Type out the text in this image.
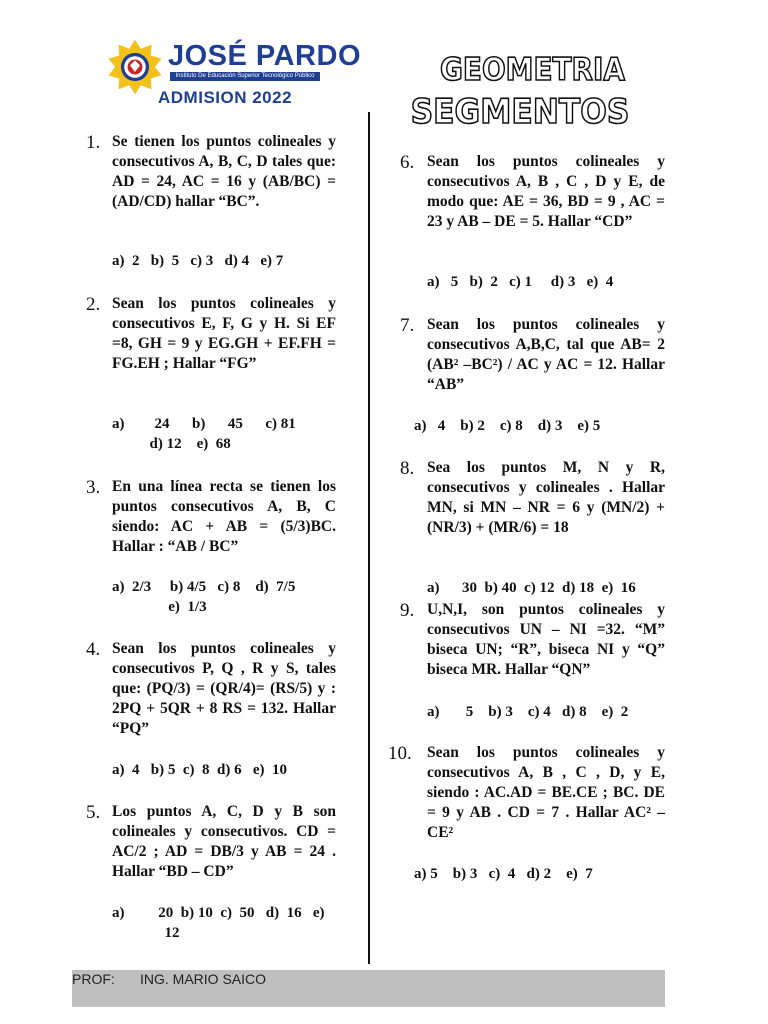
JOSÉ PARDO
Instituto De Educación Superior Tecnológico Público
ADMISION 2022
GEOMETRIA
SEGMENTOS
1. Se tienen los puntos colineales y consecutivos A, B, C, D tales que: AD = 24, AC = 16 y (AB/BC) = (AD/CD) hallar “BC”.
a)  2   b)  5   c) 3   d) 4   e) 7
2. Sean los puntos colineales y consecutivos E, F, G y H. Si EF =8, GH = 9 y EG.GH + EF.FH = FG.EH ; Hallar “FG”
a)        24      b)      45      c) 81
d) 12    e)  68
3. En una línea recta se tienen los puntos consecutivos A, B, C siendo: AC + AB = (5/3)BC. Hallar : “AB / BC”
a)  2/3     b) 4/5   c) 8    d)  7/5
e)  1/3
4. Sean los puntos colineales y consecutivos P, Q , R y S, tales que: (PQ/3) = (QR/4)= (RS/5) y : 2PQ + 5QR + 8 RS = 132. Hallar “PQ”
a)  4   b) 5  c)  8  d) 6   e)  10
5. Los puntos A, C, D y B son colineales y consecutivos. CD = AC/2 ; AD = DB/3 y AB = 24 . Hallar “BD – CD”
a)         20  b) 10  c)  50   d)  16   e)
12
6. Sean los puntos colineales y consecutivos A, B , C , D y E, de modo que: AE = 36, BD = 9 , AC = 23 y AB – DE = 5. Hallar “CD”
a)   5   b)  2   c) 1     d) 3   e)  4
7. Sean los puntos colineales y consecutivos A,B,C, tal que AB= 2 (AB² –BC²) / AC y AC = 12. Hallar “AB”
a)   4    b) 2    c) 8    d) 3    e) 5
8. Sea los puntos M, N y R, consecutivos y colineales . Hallar MN, si MN – NR = 6 y (MN/2) + (NR/3) + (MR/6) = 18
a)      30  b) 40  c) 12  d) 18  e)  16
9. U,N,I, son puntos colineales y consecutivos UN – NI =32. “M” biseca UN; “R”, biseca NI y “Q” biseca MR. Hallar “QN”
a)       5    b) 3    c) 4   d) 8    e)  2
10. Sean los puntos colineales y consecutivos A, B , C , D, y E, siendo : AC.AD = BE.CE ; BC. DE = 9 y AB . CD = 7 . Hallar AC² – CE²
a) 5    b) 3   c)  4   d) 2    e)  7
PROF: ING. MARIO SAICO
